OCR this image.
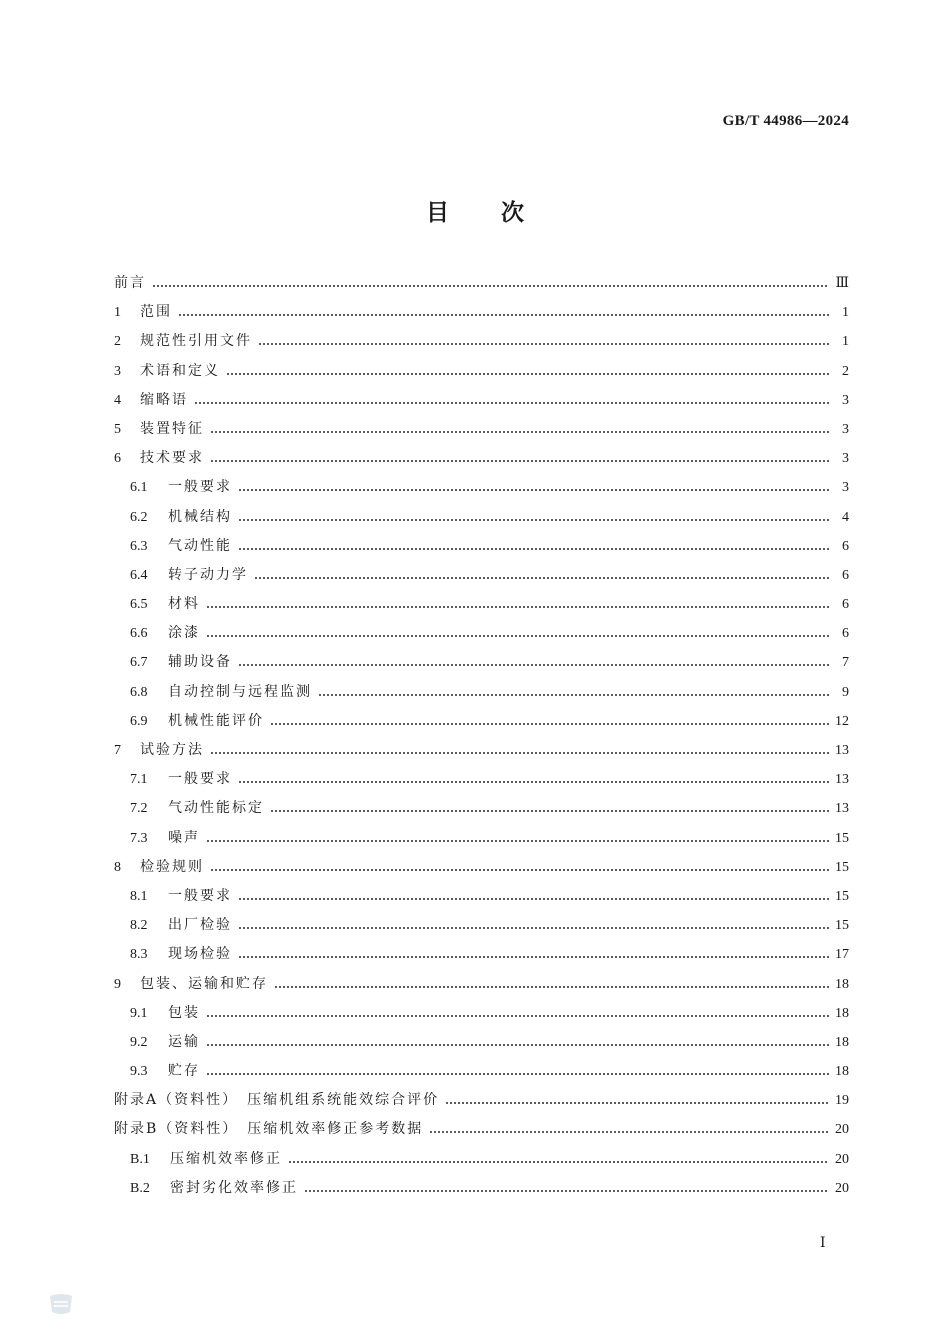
GB/T 44986—2024
目次
前言	Ⅲ
1	范围	1
2	规范性引用文件	1
3	术语和定义	2
4	缩略语	3
5	装置特征	3
6	技术要求	3
6.1	一般要求	3
6.2	机械结构	4
6.3	气动性能	6
6.4	转子动力学	6
6.5	材料	6
6.6	涂漆	6
6.7	辅助设备	7
6.8	自动控制与远程监测	9
6.9	机械性能评价	12
7	试验方法	13
7.1	一般要求	13
7.2	气动性能标定	13
7.3	噪声	15
8	检验规则	15
8.1	一般要求	15
8.2	出厂检验	15
8.3	现场检验	17
9	包装、运输和贮存	18
9.1	包装	18
9.2	运输	18
9.3	贮存	18
附录A（资料性）　压缩机组系统能效综合评价	19
附录B（资料性）　压缩机效率修正参考数据	20
B.1	压缩机效率修正	20
B.2	密封劣化效率修正	20
Ⅰ
